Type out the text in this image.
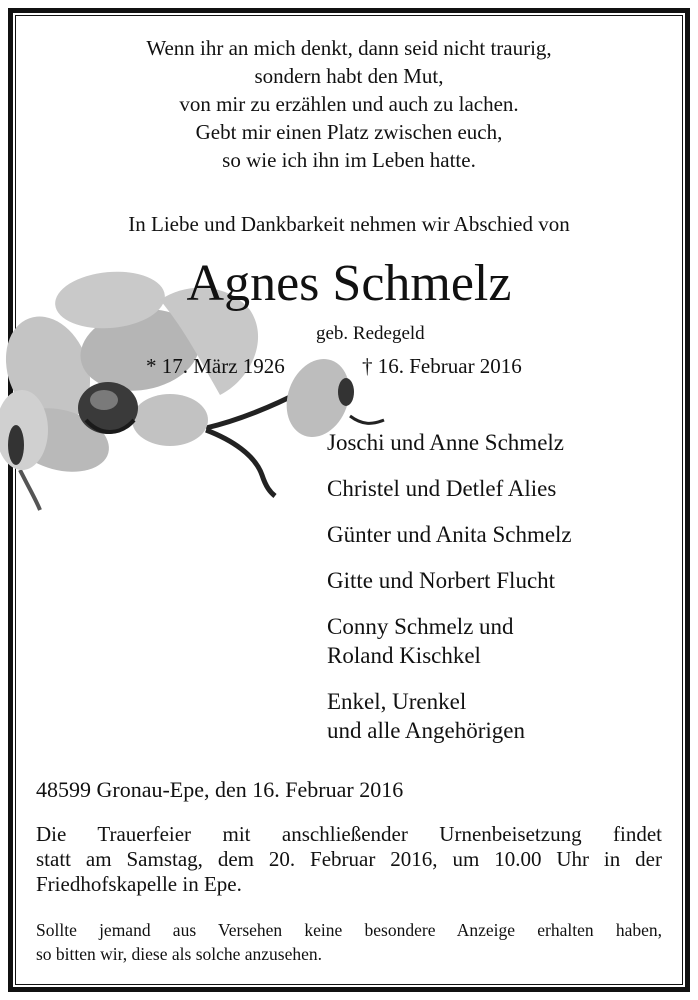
Wenn ihr an mich denkt, dann seid nicht traurig,
sondern habt den Mut,
von mir zu erzählen und auch zu lachen.
Gebt mir einen Platz zwischen euch,
so wie ich ihn im Leben hatte.
In Liebe und Dankbarkeit nehmen wir Abschied von
Agnes Schmelz
geb. Redegeld
* 17. März 1926	† 16. Februar 2016
Joschi und Anne Schmelz
Christel und Detlef Alies
Günter und Anita Schmelz
Gitte und Norbert Flucht
Conny Schmelz und
Roland Kischkel
Enkel, Urenkel
und alle Angehörigen
48599 Gronau-Epe, den 16. Februar 2016
Die Trauerfeier mit anschließender Urnenbeisetzung findet
statt am Samstag, dem 20. Februar 2016, um 10.00 Uhr in der
Friedhofskapelle in Epe.
Sollte jemand aus Versehen keine besondere Anzeige erhalten haben,
so bitten wir, diese als solche anzusehen.
